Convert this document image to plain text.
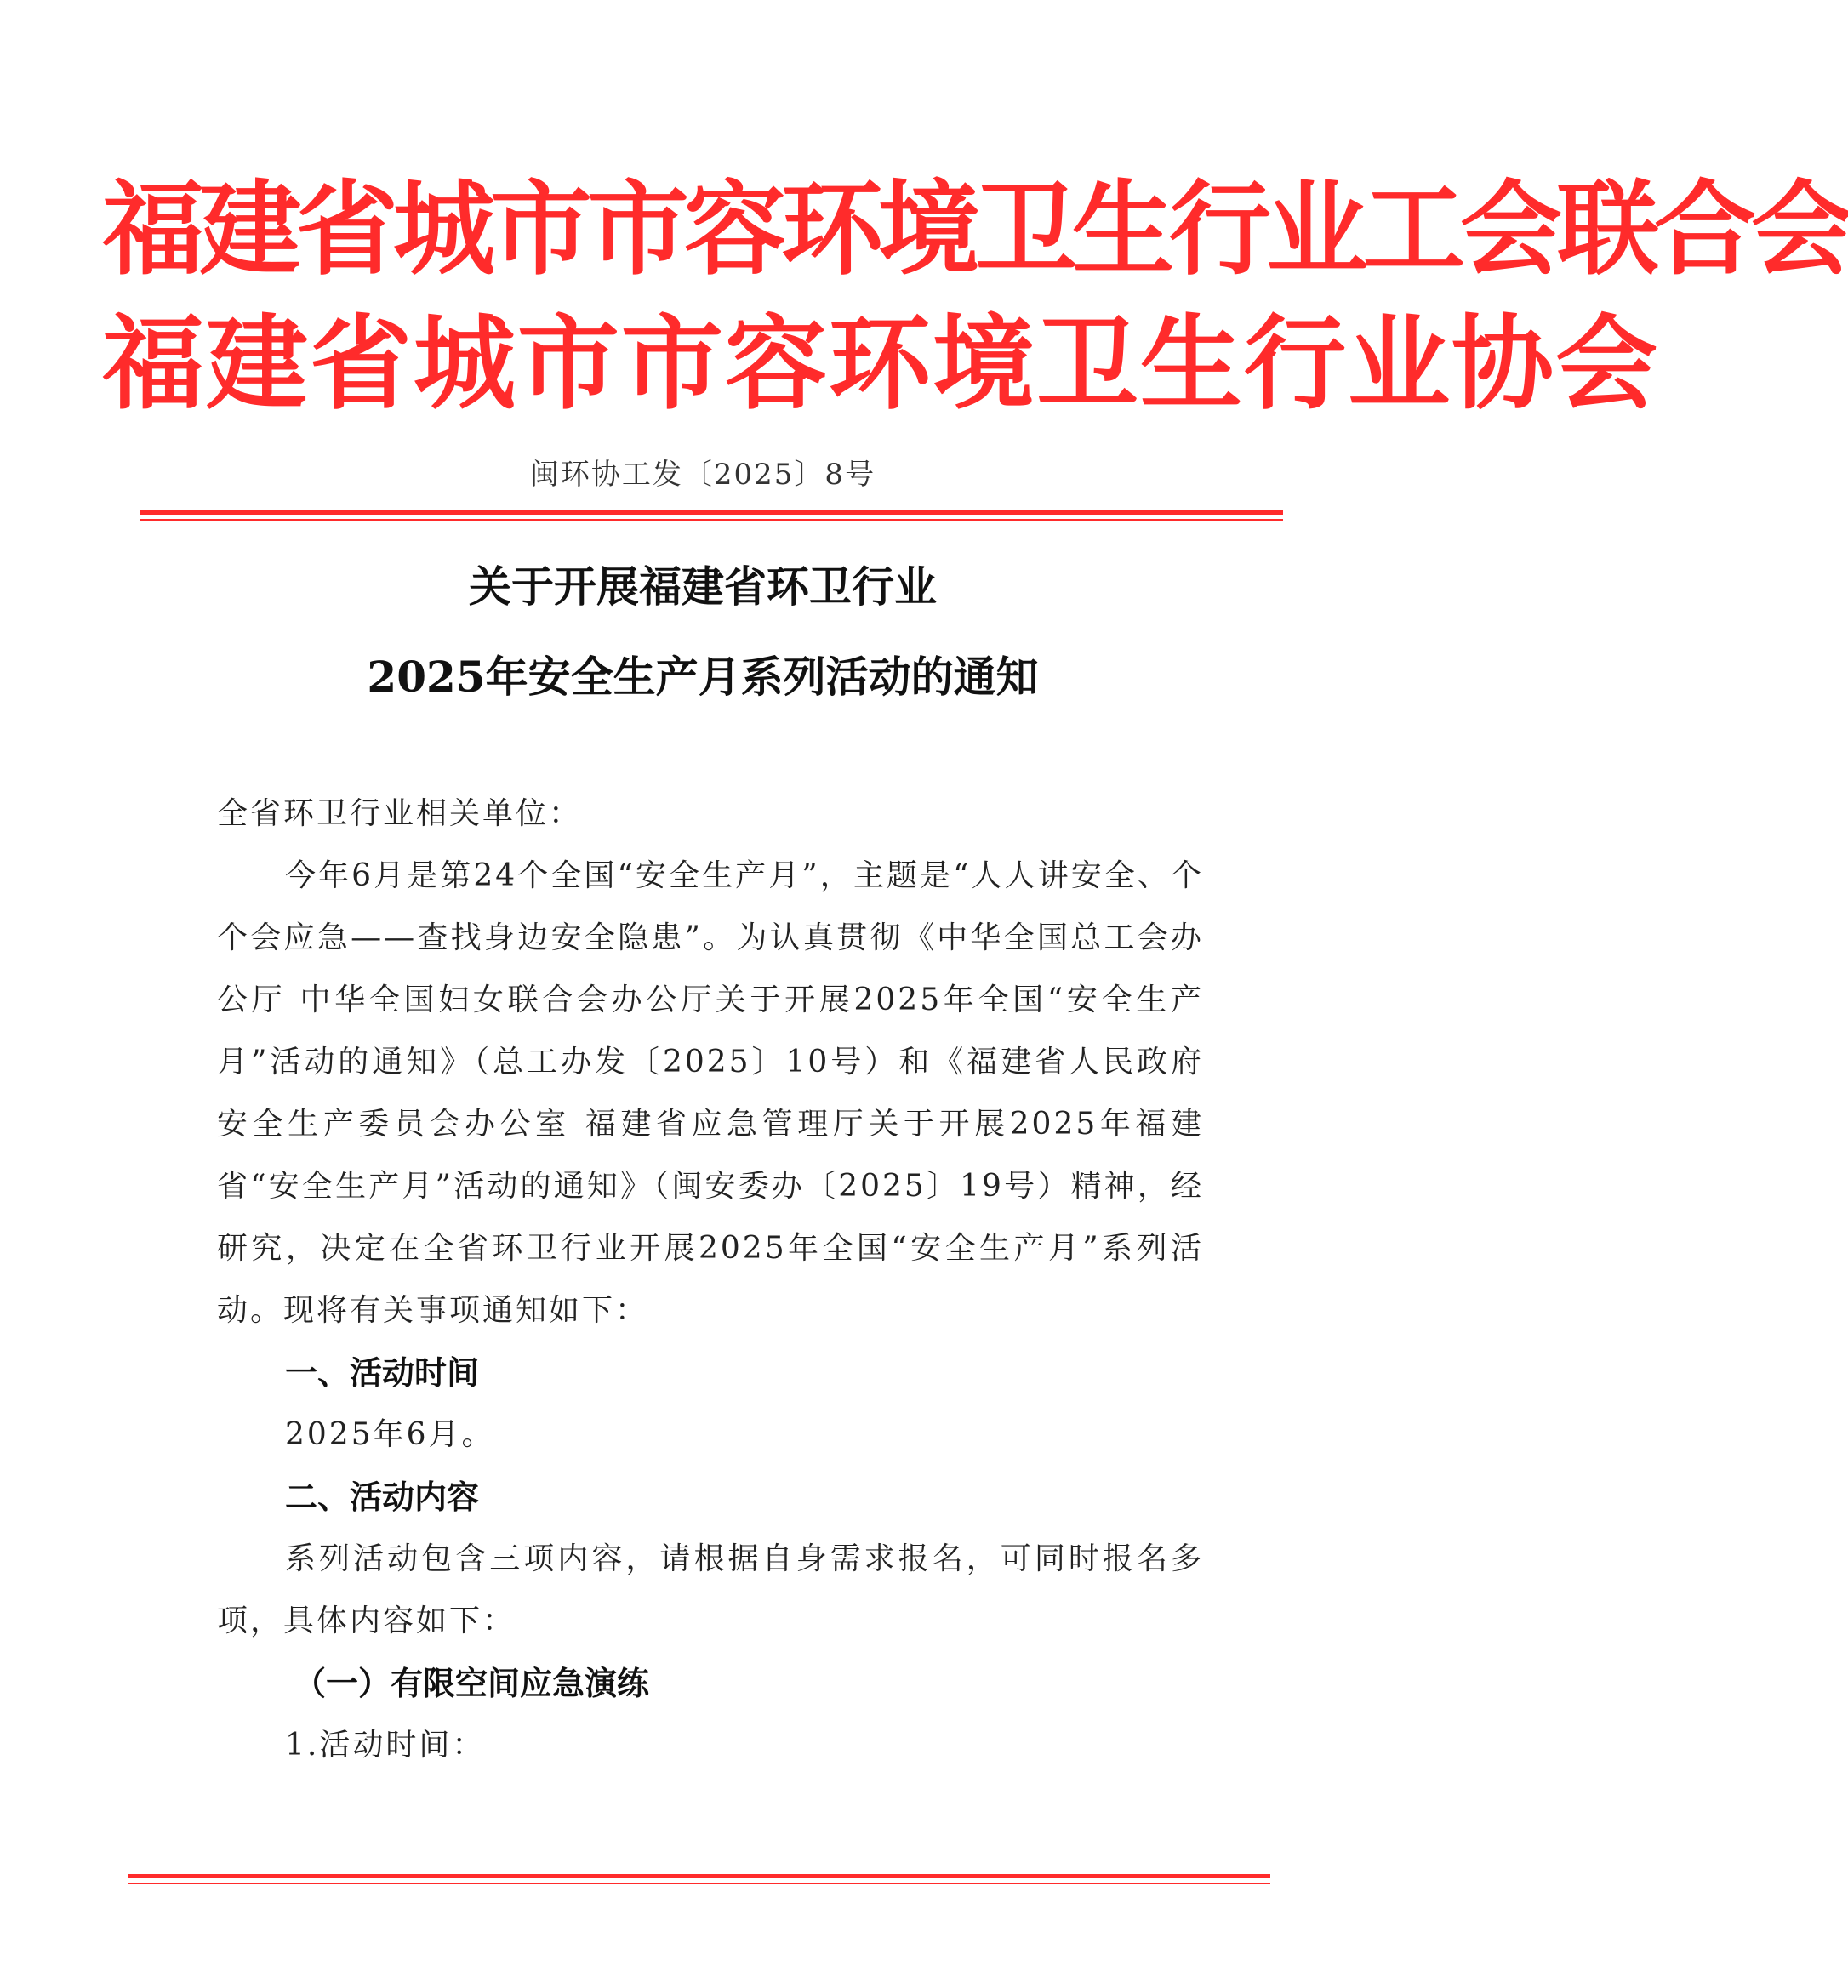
福建省城市市容环境卫生行业工会联合会
福建省城市市容环境卫生行业协会
闽环协工发〔2025〕8号
关于开展福建省环卫行业
2025年安全生产月系列活动的通知

全省环卫行业相关单位：

今年6月是第24个全国“安全生产月”，主题是“人人讲安全、个个会应急——查找身边安全隐患”。为认真贯彻《中华全国总工会办公厅 中华全国妇女联合会办公厅关于开展2025年全国“安全生产月”活动的通知》（总工办发〔2025〕10号）和《福建省人民政府安全生产委员会办公室 福建省应急管理厅关于开展2025年福建省“安全生产月”活动的通知》（闽安委办〔2025〕19号）精神，经研究，决定在全省环卫行业开展2025年全国“安全生产月”系列活动。现将有关事项通知如下：

一、活动时间

2025年6月。

二、活动内容

系列活动包含三项内容，请根据自身需求报名，可同时报名多项，具体内容如下：

（一）有限空间应急演练

1.活动时间：
